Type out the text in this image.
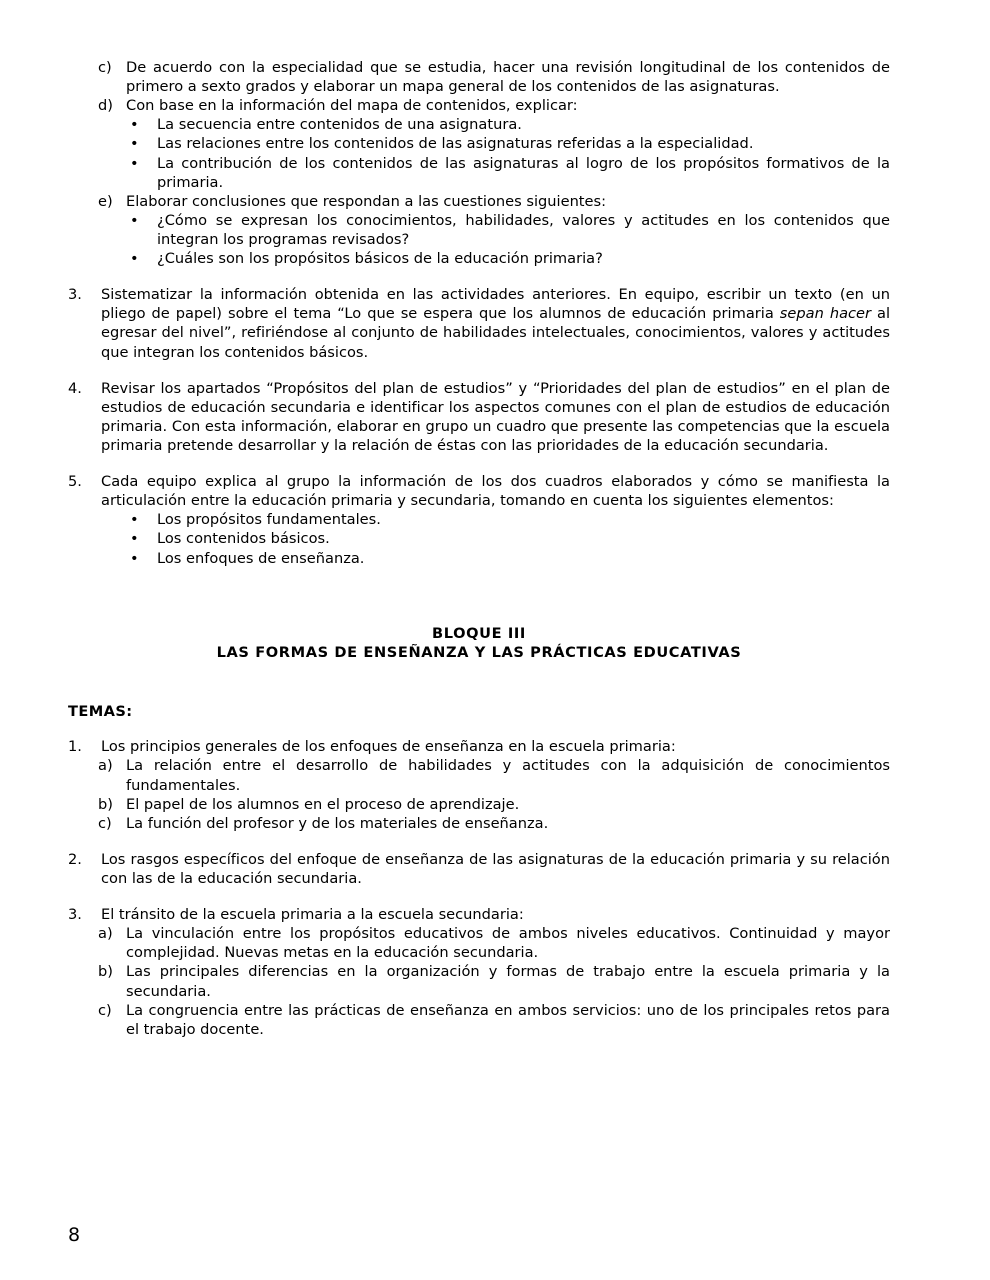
c) De acuerdo con la especialidad que se estudia, hacer una revisión longitudinal de los contenidos de primero a sexto grados y elaborar un mapa general de los contenidos de las asignaturas.
d) Con base en la información del mapa de contenidos, explicar:
•	La secuencia entre contenidos de una asignatura.
•	Las relaciones entre los contenidos de las asignaturas referidas a la especialidad.
•	La contribución de los contenidos de las asignaturas al logro de los propósitos formativos de la primaria.
e) Elaborar conclusiones que respondan a las cuestiones siguientes:
•	¿Cómo se expresan los conocimientos, habilidades, valores y actitudes en los contenidos que integran los programas revisados?
•	¿Cuáles son los propósitos básicos de la educación primaria?
3.	Sistematizar la información obtenida en las actividades anteriores. En equipo, escribir un texto (en un pliego de papel) sobre el tema “Lo que se espera que los alumnos de educación primaria sepan hacer al egresar del nivel”, refiriéndose al conjunto de habilidades intelectuales, conocimientos, valores y actitudes que integran los contenidos básicos.
4.	Revisar los apartados “Propósitos del plan de estudios” y “Prioridades del plan de estudios” en el plan de estudios de educación secundaria e identificar los aspectos comunes con el plan de estudios de educación primaria. Con esta información, elaborar en grupo un cuadro que presente las competencias que la escuela primaria pretende desarrollar y la relación de éstas con las prioridades de la educación secundaria.
5.	Cada equipo explica al grupo la información de los dos cuadros elaborados y cómo se manifiesta la articulación entre la educación primaria y secundaria, tomando en cuenta los siguientes elementos:
•	Los propósitos fundamentales.
•	Los contenidos básicos.
•	Los enfoques de enseñanza.
BLOQUE III
LAS FORMAS DE ENSEÑANZA Y LAS PRÁCTICAS EDUCATIVAS
TEMAS:
1.	Los principios generales de los enfoques de enseñanza en la escuela primaria:
a) La relación entre el desarrollo de habilidades y actitudes con la adquisición de conocimientos fundamentales.
b) El papel de los alumnos en el proceso de aprendizaje.
c) La función del profesor y de los materiales de enseñanza.
2.	Los rasgos específicos del enfoque de enseñanza de las asignaturas de la educación primaria y su relación con las de la educación secundaria.
3.	El tránsito de la escuela primaria a la escuela secundaria:
a) La vinculación entre los propósitos educativos de ambos niveles educativos. Continuidad y mayor complejidad. Nuevas metas en la educación secundaria.
b) Las principales diferencias en la organización y formas de trabajo entre la escuela primaria y la secundaria.
c) La congruencia entre las prácticas de enseñanza en ambos servicios: uno de los principales retos para el trabajo docente.
8
